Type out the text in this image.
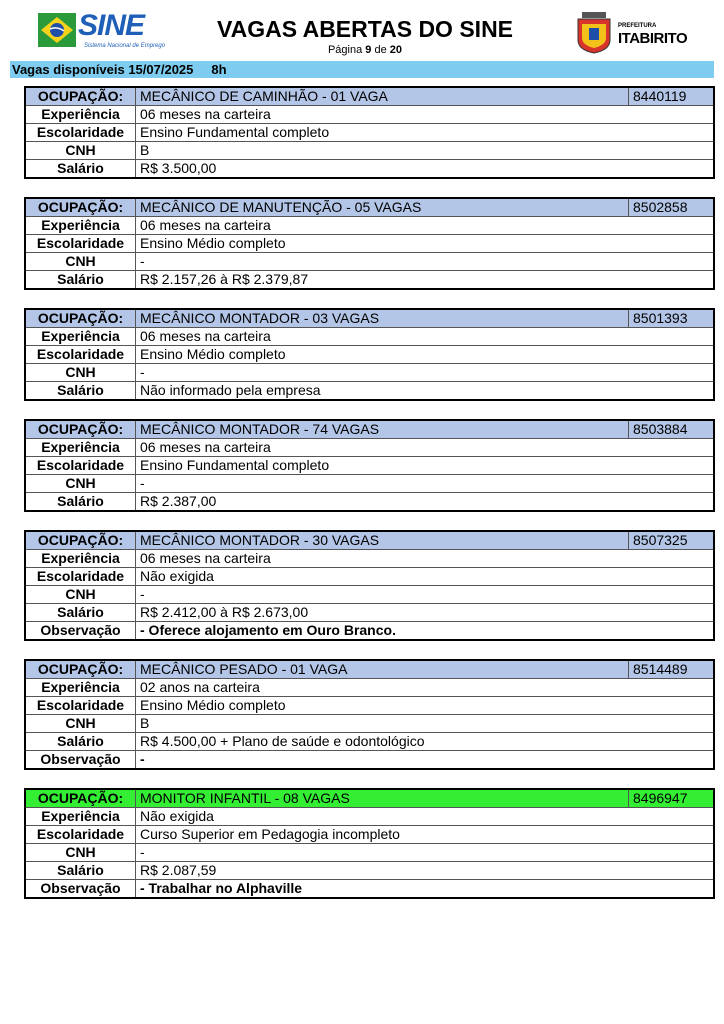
SINE
Sistema Nacional de Emprego
VAGAS ABERTAS DO SINE
Página 9 de 20
PREFEITURA
ITABIRITO
Vagas disponíveis 15/07/2025 8h
OCUPAÇÃO:	MECÂNICO DE CAMINHÃO - 01 VAGA	8440119
Experiência	06 meses na carteira	
Escolaridade	Ensino Fundamental completo	
CNH	B	
Salário	R$ 3.500,00	
OCUPAÇÃO:	MECÂNICO DE MANUTENÇÃO - 05 VAGAS	8502858
Experiência	06 meses na carteira	
Escolaridade	Ensino Médio completo	
CNH	-	
Salário	R$ 2.157,26 à R$ 2.379,87	
OCUPAÇÃO:	MECÂNICO MONTADOR - 03 VAGAS	8501393
Experiência	06 meses na carteira	
Escolaridade	Ensino Médio completo	
CNH	-	
Salário	Não informado pela empresa	
OCUPAÇÃO:	MECÂNICO MONTADOR - 74 VAGAS	8503884
Experiência	06 meses na carteira	
Escolaridade	Ensino Fundamental completo	
CNH	-	
Salário	R$ 2.387,00	
OCUPAÇÃO:	MECÂNICO MONTADOR - 30 VAGAS	8507325
Experiência	06 meses na carteira	
Escolaridade	Não exigida	
CNH	-	
Salário	R$ 2.412,00 à R$ 2.673,00	
Observação	- Oferece alojamento em Ouro Branco.	
OCUPAÇÃO:	MECÂNICO PESADO - 01 VAGA	8514489
Experiência	02 anos na carteira	
Escolaridade	Ensino Médio completo	
CNH	B	
Salário	R$ 4.500,00 + Plano de saúde e odontológico	
Observação	-	
OCUPAÇÃO:	MONITOR INFANTIL - 08 VAGAS	8496947
Experiência	Não exigida	
Escolaridade	Curso Superior em Pedagogia incompleto	
CNH	-	
Salário	R$ 2.087,59	
Observação	- Trabalhar no Alphaville	
